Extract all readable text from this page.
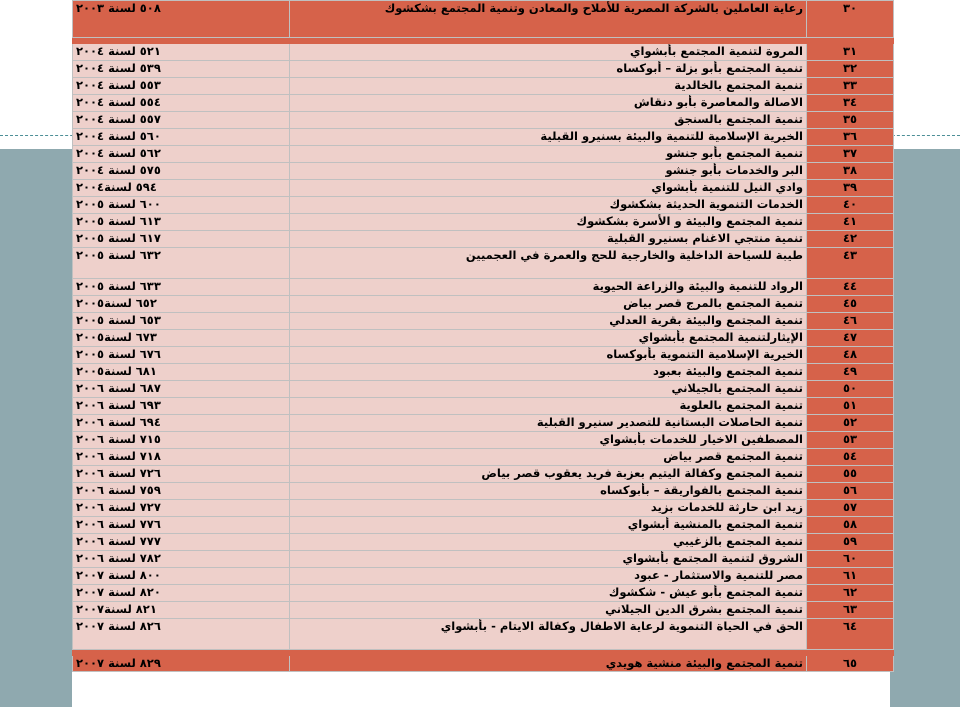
٣٠	رعاية العاملين بالشركة المصرية للأملاح والمعادن وتنمية المجتمع بشكشوك	٥٠٨ لسنة ٢٠٠٣

٣١	المروة لتنمية المجتمع بأبشواي	٥٢١ لسنة ٢٠٠٤
٣٢	تنمية المجتمع بأبو بزلة – أبوكساه	٥٣٩ لسنة ٢٠٠٤
٣٣	تنمية المجتمع بالخالدية	٥٥٣ لسنة ٢٠٠٤
٣٤	الاصالة والمعاصرة بأبو دنقاش	٥٥٤ لسنة ٢٠٠٤
٣٥	تنمية المجتمع بالسنجق	٥٥٧ لسنة ٢٠٠٤
٣٦	الخيرية الإسلامية للتنمية والبيئة بسنيرو القبلية	٥٦٠ لسنة ٢٠٠٤
٣٧	تنمية المجتمع بأبو جنشو	٥٦٢ لسنة ٢٠٠٤
٣٨	البر والخدمات بأبو جنشو	٥٧٥ لسنة ٢٠٠٤
٣٩	وادي النيل للتنمية بأبشواي	٥٩٤ لسنة٢٠٠٤
٤٠	الخدمات التنموية الحديثة بشكشوك	٦٠٠ لسنة ٢٠٠٥
٤١	تنمية المجتمع والبيئة و الأسرة بشكشوك	٦١٣ لسنة ٢٠٠٥
٤٢	تنمية منتجي الاغنام بسنيرو القبلية	٦١٧ لسنة ٢٠٠٥
٤٣	طيبة للسياحة الداخلية والخارجية للحج والعمرة في العجميين	٦٣٢ لسنة ٢٠٠٥
٤٤	الرواد للتنمية والبيئة والزراعة الحيوية	٦٣٣ لسنة ٢٠٠٥
٤٥	تنمية المجتمع بالمرج قصر بياض	٦٥٢ لسنة٢٠٠٥
٤٦	تنمية المجتمع والبيئة بقرية العدلي	٦٥٣ لسنة ٢٠٠٥
٤٧	الإيثارلتنمية المجتمع بأبشواي	٦٧٣ لسنة٢٠٠٥
٤٨	الخيرية الإسلامية التنموية بأبوكساه	٦٧٦ لسنة ٢٠٠٥
٤٩	تنمية المجتمع والبيئة بعبود	٦٨١ لسنة٢٠٠٥
٥٠	تنمية المجتمع بالجيلاني	٦٨٧ لسنة ٢٠٠٦
٥١	تنمية المجتمع بالعلوية	٦٩٣ لسنة ٢٠٠٦
٥٢	تنمية الحاصلات البستانية للتصدير سنيرو القبلية	٦٩٤ لسنة ٢٠٠٦
٥٣	المصطفين الاخيار للخدمات بأبشواي	٧١٥ لسنة ٢٠٠٦
٥٤	تنمية المجتمع قصر بياض	٧١٨ لسنة ٢٠٠٦
٥٥	تنمية المجتمع وكفالة اليتيم بعزبة فريد يعقوب قصر بياض	٧٢٦ لسنة ٢٠٠٦
٥٦	تنمية المجتمع بالفواريقة – بأبوكساه	٧٥٩ لسنة ٢٠٠٦
٥٧	زيد ابن حارثة للخدمات بزيد	٧٢٧ لسنة ٢٠٠٦
٥٨	تنمية المجتمع بالمنشية أبشواي	٧٧٦ لسنة ٢٠٠٦
٥٩	تنمية المجتمع بالزغيبي	٧٧٧ لسنة ٢٠٠٦
٦٠	الشروق لتنمية المجتمع بأبشواي	٧٨٢ لسنة ٢٠٠٦
٦١	مصر للتنمية والاستثمار - عبود	٨٠٠ لسنة ٢٠٠٧
٦٢	تنمية المجتمع بأبو عيش - شكشوك	٨٢٠ لسنة ٢٠٠٧
٦٣	تنمية المجتمع بشرق الدين الجيلاني	٨٢١ لسنة٢٠٠٧
٦٤	الحق في الحياة التنموية لرعاية الاطفال وكفالة الايتام - بأبشواي	٨٢٦ لسنة ٢٠٠٧

٦٥	تنمية المجتمع والبيئة منشية هويدي	٨٢٩ لسنة ٢٠٠٧
